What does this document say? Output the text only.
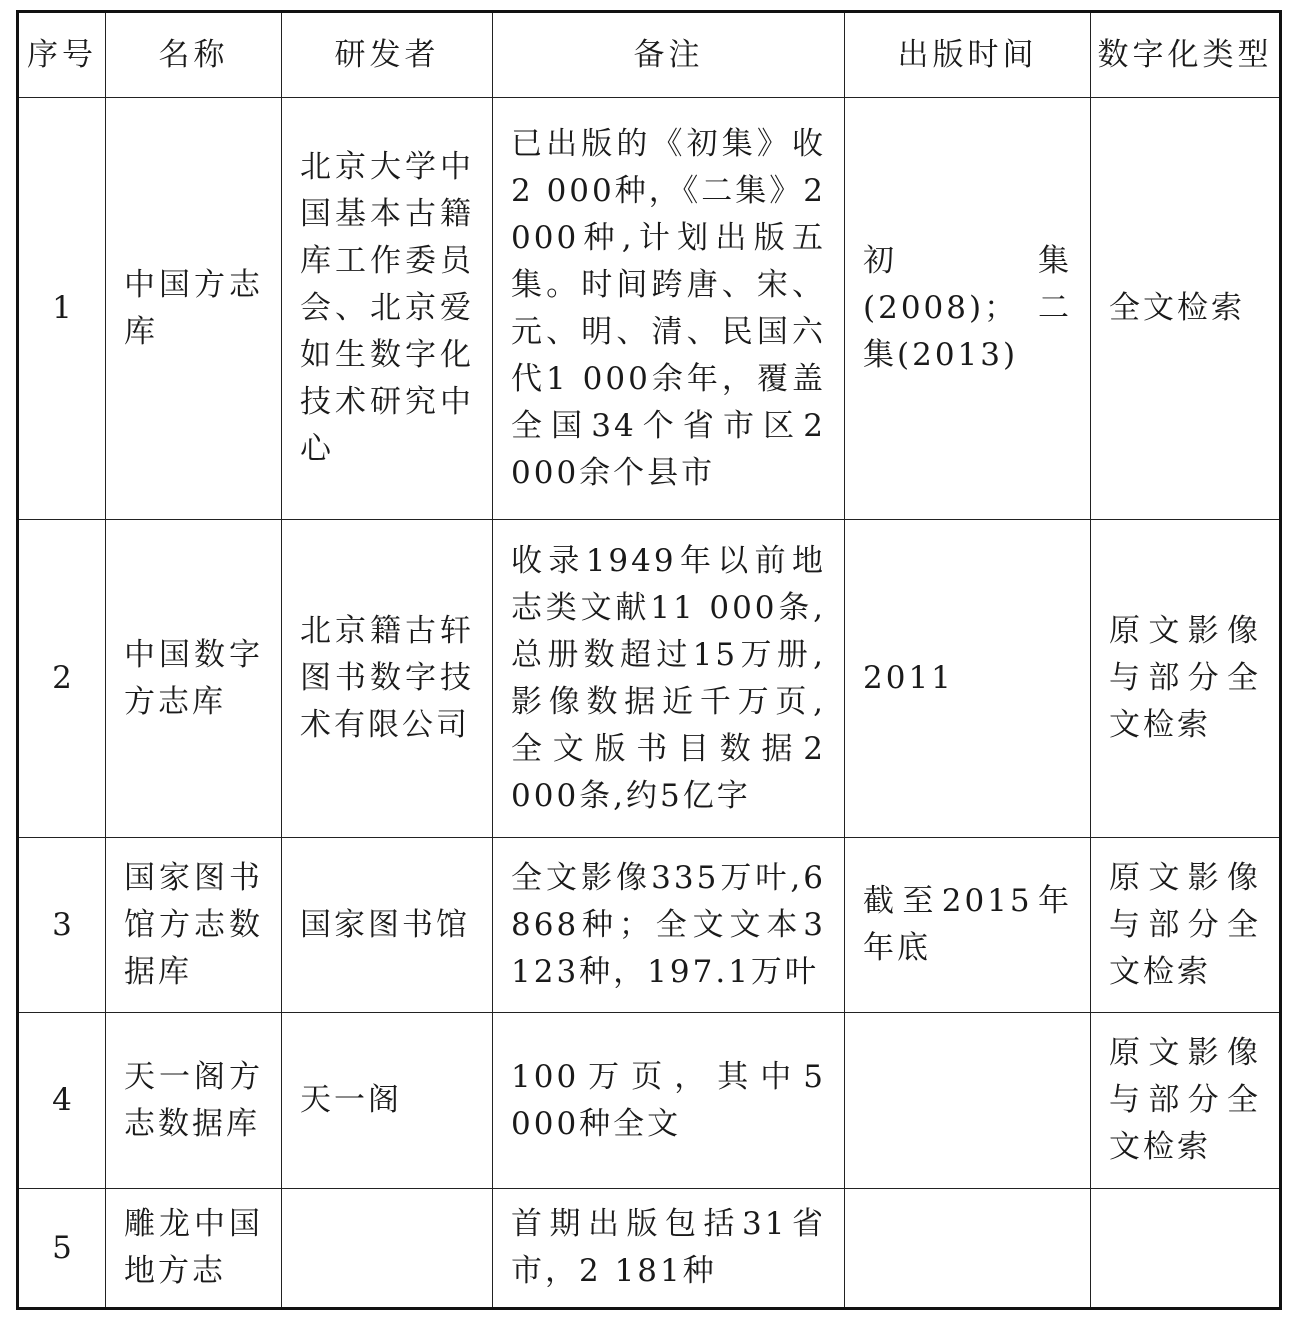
序号	名称	研发者	备注	出版时间	数字化类型
1	中国方志库	北京大学中国基本古籍库工作委员会、北京爱如生数字化技术研究中心	已出版的《初集》收2 000种，《二集》2 000种,计划出版五集。时间跨唐、宋、元、明、清、民国六代1 000余年，覆盖全国34个省市区2 000余个县市	初集(2008)；二集(2013)	全文检索

2	中国数字方志库	北京籍古轩图书数字技术有限公司	收录1949年以前地志类文献11 000条,总册数超过15万册,影像数据近千万页,全文版书目数据2 000条,约5亿字	2011	原文影像与部分全文检索

3	国家图书馆方志数据库	国家图书馆	全文影像335万叶,6 868种；全文文本3 123种，197.1万叶	截至2015年年底	原文影像与部分全文检索

4	天一阁方志数据库	天一阁	100万页，其中5 000种全文		原文影像与部分全文检索

5	雕龙中国地方志		首期出版包括31省市，2 181种		
